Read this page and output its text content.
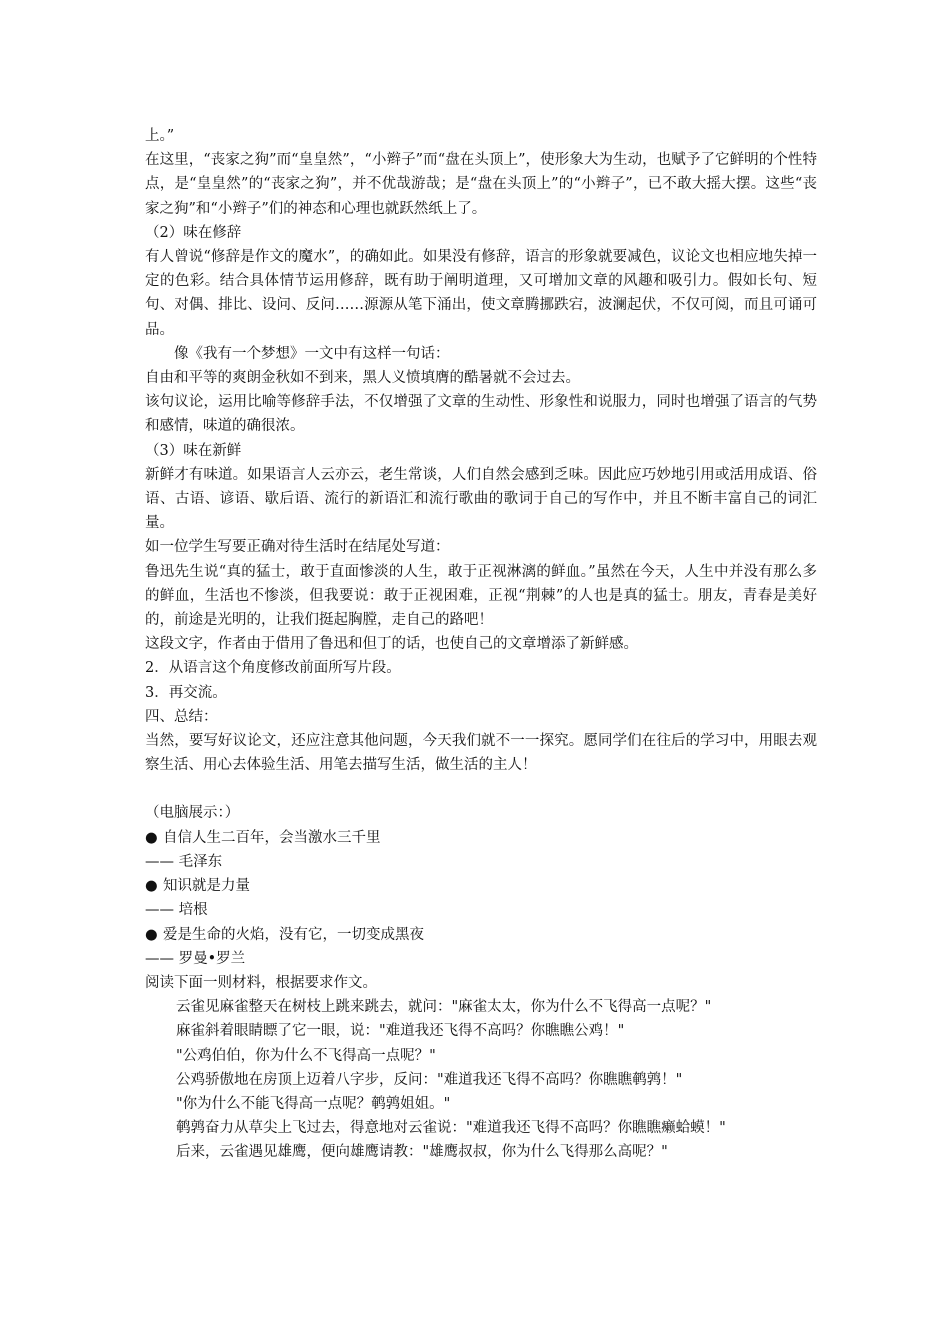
上。”
在这里，“丧家之狗”而“皇皇然”，“小辫子”而“盘在头顶上”，使形象大为生动，也赋予了它鲜明的个性特点，是“皇皇然”的“丧家之狗”，并不优哉游哉；是“盘在头顶上”的“小辫子”，已不敢大摇大摆。这些“丧家之狗”和“小辫子”们的神态和心理也就跃然纸上了。
（2）味在修辞
有人曾说“修辞是作文的魔水”，的确如此。如果没有修辞，语言的形象就要减色，议论文也相应地失掉一定的色彩。结合具体情节运用修辞，既有助于阐明道理，又可增加文章的风趣和吸引力。假如长句、短句、对偶、排比、设问、反问……源源从笔下涌出，使文章腾挪跌宕，波澜起伏，不仅可阅，而且可诵可品。
像《我有一个梦想》一文中有这样一句话：
自由和平等的爽朗金秋如不到来，黑人义愤填膺的酷暑就不会过去。
该句议论，运用比喻等修辞手法，不仅增强了文章的生动性、形象性和说服力，同时也增强了语言的气势和感情，味道的确很浓。
（3）味在新鲜
新鲜才有味道。如果语言人云亦云，老生常谈，人们自然会感到乏味。因此应巧妙地引用或活用成语、俗语、古语、谚语、歇后语、流行的新语汇和流行歌曲的歌词于自己的写作中，并且不断丰富自己的词汇量。
如一位学生写要正确对待生活时在结尾处写道：
鲁迅先生说“真的猛士，敢于直面惨淡的人生，敢于正视淋漓的鲜血。”虽然在今天，人生中并没有那么多的鲜血，生活也不惨淡，但我要说：敢于正视困难，正视“荆棘”的人也是真的猛士。朋友，青春是美好的，前途是光明的，让我们挺起胸膛，走自己的路吧！
这段文字，作者由于借用了鲁迅和但丁的话，也使自己的文章增添了新鲜感。
2．从语言这个角度修改前面所写片段。
3．再交流。
四、总结：
当然，要写好议论文，还应注意其他问题，今天我们就不一一探究。愿同学们在往后的学习中，用眼去观察生活、用心去体验生活、用笔去描写生活，做生活的主人！
（电脑展示：）
● 自信人生二百年，会当激水三千里
—— 毛泽东
● 知识就是力量
—— 培根
● 爱是生命的火焰，没有它，一切变成黑夜
—— 罗曼•罗兰
阅读下面一则材料，根据要求作文。
云雀见麻雀整天在树枝上跳来跳去，就问："麻雀太太，你为什么不飞得高一点呢？"
麻雀斜着眼睛瞟了它一眼，说："难道我还飞得不高吗？你瞧瞧公鸡！"
"公鸡伯伯，你为什么不飞得高一点呢？"
公鸡骄傲地在房顶上迈着八字步，反问："难道我还飞得不高吗？你瞧瞧鹌鹑！"
"你为什么不能飞得高一点呢？鹌鹑姐姐。"
鹌鹑奋力从草尖上飞过去，得意地对云雀说："难道我还飞得不高吗？你瞧瞧癞蛤蟆！"
后来，云雀遇见雄鹰，便向雄鹰请教："雄鹰叔叔，你为什么飞得那么高呢？"
